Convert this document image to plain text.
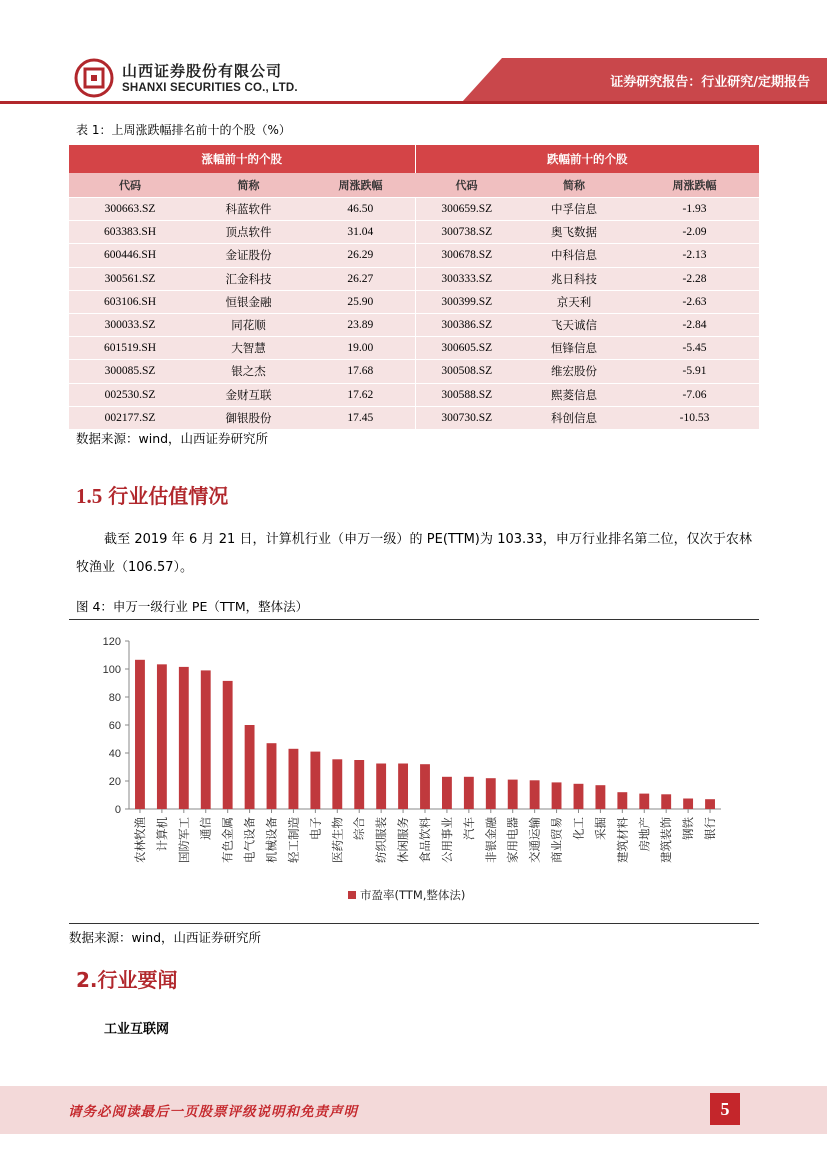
山西证券股份有限公司
SHANXI SECURITIES CO., LTD.	证券研究报告：行业研究/定期报告
表 1：上周涨跌幅排名前十的个股（%）
涨幅前十的个股			跌幅前十的个股		
代码	简称	周涨跌幅	代码	简称	周涨跌幅
300663.SZ	科蓝软件	46.50	300659.SZ	中孚信息	-1.93
603383.SH	顶点软件	31.04	300738.SZ	奥飞数据	-2.09
600446.SH	金证股份	26.29	300678.SZ	中科信息	-2.13
300561.SZ	汇金科技	26.27	300333.SZ	兆日科技	-2.28
603106.SH	恒银金融	25.90	300399.SZ	京天利	-2.63
300033.SZ	同花顺	23.89	300386.SZ	飞天诚信	-2.84
601519.SH	大智慧	19.00	300605.SZ	恒锋信息	-5.45
300085.SZ	银之杰	17.68	300508.SZ	维宏股份	-5.91
002530.SZ	金财互联	17.62	300588.SZ	熙菱信息	-7.06
002177.SZ	御银股份	17.45	300730.SZ	科创信息	-10.53
数据来源：wind，山西证券研究所
1.5 行业估值情况
截至 2019 年 6 月 21 日，计算机行业（申万一级）的 PE(TTM)为 103.33，申万行业排名第二位，仅次于农林牧渔业（106.57）。
图 4：申万一级行业 PE（TTM，整体法）
0
20
40
60
80
100
120
农林牧渔 计算机 国防军工 通信 有色金属 电气设备 机械设备 轻工制造 电子 医药生物 综合 纺织服装 休闲服务 食品饮料 公用事业 汽车 非银金融 家用电器 交通运输 商业贸易 化工 采掘 建筑材料 房地产 建筑装饰 钢铁 银行
市盈率(TTM,整体法)
数据来源：wind，山西证券研究所
2.行业要闻
工业互联网
请务必阅读最后一页股票评级说明和免责声明	5
